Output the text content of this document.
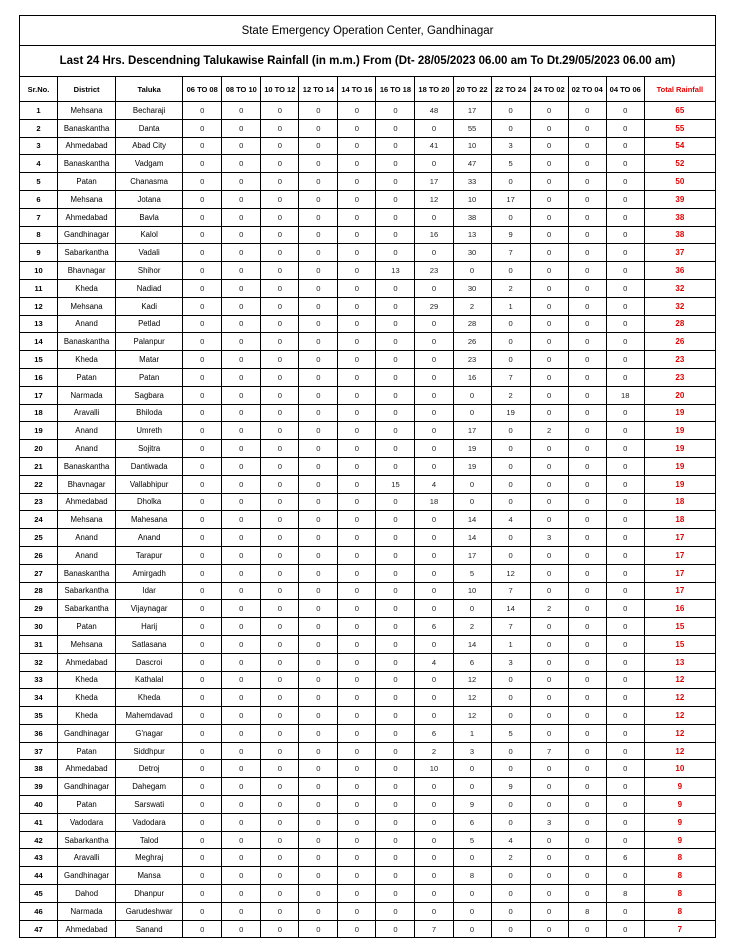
State Emergency Operation Center, Gandhinagar															
Last 24 Hrs. Descendning Talukawise Rainfall (in m.m.) From (Dt- 28/05/2023 06.00 am To Dt.29/05/2023 06.00 am)															
Sr.No.	District	Taluka	06 TO 08	08 TO 10	10 TO 12	12 TO 14	14 TO 16	16 TO 18	18 TO 20	20 TO 22	22 TO 24	24 TO 02	02 TO 04	04 TO 06	Total Rainfall
1	Mehsana	Becharaji	0	0	0	0	0	0	48	17	0	0	0	0	65
2	Banaskantha	Danta	0	0	0	0	0	0	0	55	0	0	0	0	55
3	Ahmedabad	Abad City	0	0	0	0	0	0	41	10	3	0	0	0	54
4	Banaskantha	Vadgam	0	0	0	0	0	0	0	47	5	0	0	0	52
5	Patan	Chanasma	0	0	0	0	0	0	17	33	0	0	0	0	50
6	Mehsana	Jotana	0	0	0	0	0	0	12	10	17	0	0	0	39
7	Ahmedabad	Bavla	0	0	0	0	0	0	0	38	0	0	0	0	38
8	Gandhinagar	Kalol	0	0	0	0	0	0	16	13	9	0	0	0	38
9	Sabarkantha	Vadali	0	0	0	0	0	0	0	30	7	0	0	0	37
10	Bhavnagar	Shihor	0	0	0	0	0	13	23	0	0	0	0	0	36
11	Kheda	Nadiad	0	0	0	0	0	0	0	30	2	0	0	0	32
12	Mehsana	Kadi	0	0	0	0	0	0	29	2	1	0	0	0	32
13	Anand	Petlad	0	0	0	0	0	0	0	28	0	0	0	0	28
14	Banaskantha	Palanpur	0	0	0	0	0	0	0	26	0	0	0	0	26
15	Kheda	Matar	0	0	0	0	0	0	0	23	0	0	0	0	23
16	Patan	Patan	0	0	0	0	0	0	0	16	7	0	0	0	23
17	Narmada	Sagbara	0	0	0	0	0	0	0	0	2	0	0	18	20
18	Aravalli	Bhiloda	0	0	0	0	0	0	0	0	19	0	0	0	19
19	Anand	Umreth	0	0	0	0	0	0	0	17	0	2	0	0	19
20	Anand	Sojitra	0	0	0	0	0	0	0	19	0	0	0	0	19
21	Banaskantha	Dantiwada	0	0	0	0	0	0	0	19	0	0	0	0	19
22	Bhavnagar	Vallabhipur	0	0	0	0	0	15	4	0	0	0	0	0	19
23	Ahmedabad	Dholka	0	0	0	0	0	0	18	0	0	0	0	0	18
24	Mehsana	Mahesana	0	0	0	0	0	0	0	14	4	0	0	0	18
25	Anand	Anand	0	0	0	0	0	0	0	14	0	3	0	0	17
26	Anand	Tarapur	0	0	0	0	0	0	0	17	0	0	0	0	17
27	Banaskantha	Amirgadh	0	0	0	0	0	0	0	5	12	0	0	0	17
28	Sabarkantha	Idar	0	0	0	0	0	0	0	10	7	0	0	0	17
29	Sabarkantha	Vijaynagar	0	0	0	0	0	0	0	0	14	2	0	0	16
30	Patan	Harij	0	0	0	0	0	0	6	2	7	0	0	0	15
31	Mehsana	Satlasana	0	0	0	0	0	0	0	14	1	0	0	0	15
32	Ahmedabad	Dascroi	0	0	0	0	0	0	4	6	3	0	0	0	13
33	Kheda	Kathalal	0	0	0	0	0	0	0	12	0	0	0	0	12
34	Kheda	Kheda	0	0	0	0	0	0	0	12	0	0	0	0	12
35	Kheda	Mahemdavad	0	0	0	0	0	0	0	12	0	0	0	0	12
36	Gandhinagar	G'nagar	0	0	0	0	0	0	6	1	5	0	0	0	12
37	Patan	Siddhpur	0	0	0	0	0	0	2	3	0	7	0	0	12
38	Ahmedabad	Detroj	0	0	0	0	0	0	10	0	0	0	0	0	10
39	Gandhinagar	Dahegam	0	0	0	0	0	0	0	0	9	0	0	0	9
40	Patan	Sarswati	0	0	0	0	0	0	0	9	0	0	0	0	9
41	Vadodara	Vadodara	0	0	0	0	0	0	0	6	0	3	0	0	9
42	Sabarkantha	Talod	0	0	0	0	0	0	0	5	4	0	0	0	9
43	Aravalli	Meghraj	0	0	0	0	0	0	0	0	2	0	0	6	8
44	Gandhinagar	Mansa	0	0	0	0	0	0	0	8	0	0	0	0	8
45	Dahod	Dhanpur	0	0	0	0	0	0	0	0	0	0	0	8	8
46	Narmada	Garudeshwar	0	0	0	0	0	0	0	0	0	0	8	0	8
47	Ahmedabad	Sanand	0	0	0	0	0	0	7	0	0	0	0	0	7
